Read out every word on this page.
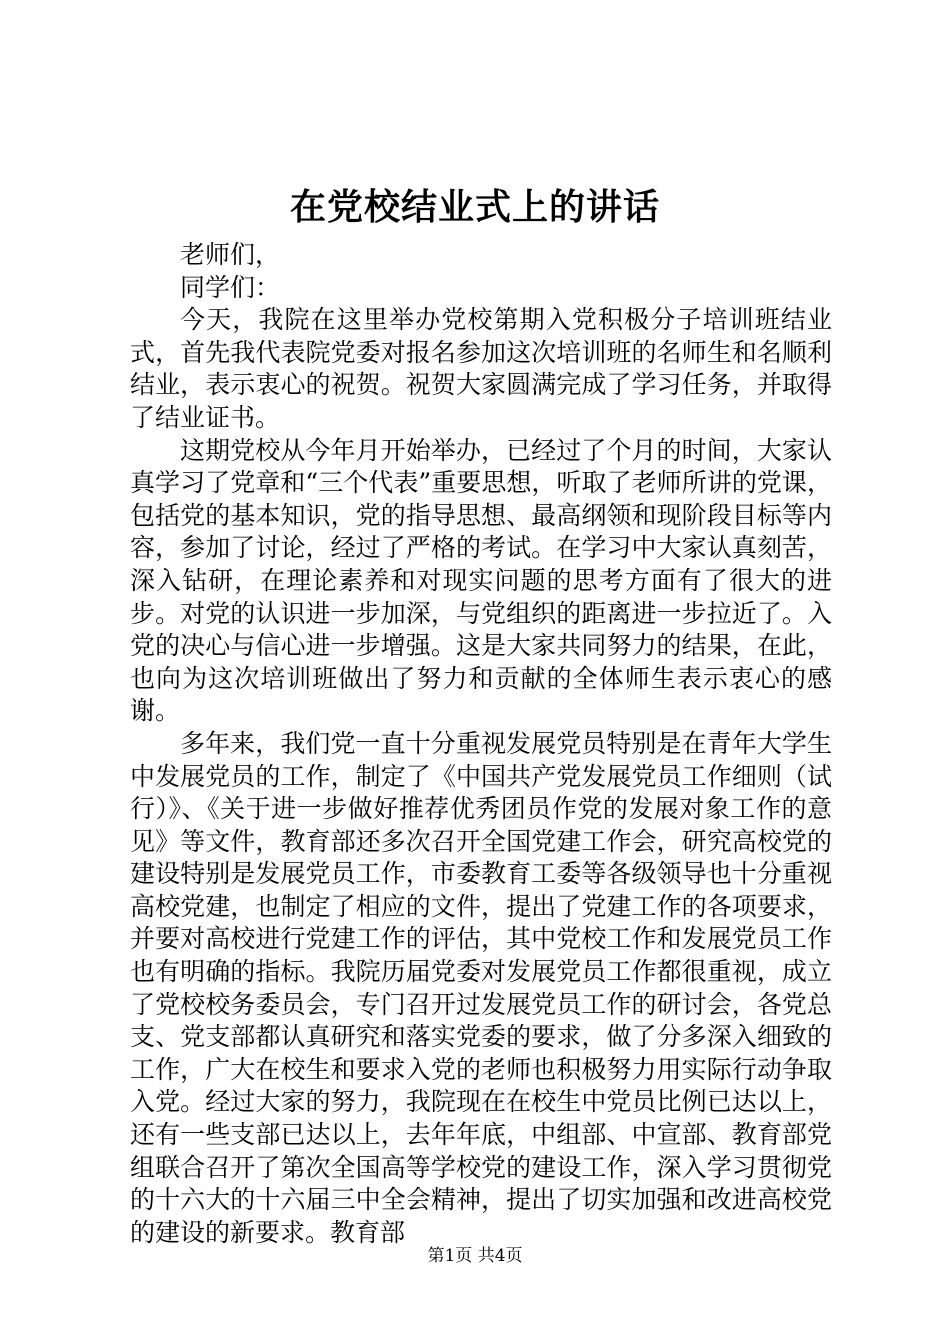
在党校结业式上的讲话

老师们，

同学们：

今天，我院在这里举办党校第期入党积极分子培训班结业式，首先我代表院党委对报名参加这次培训班的名师生和名顺利结业，表示衷心的祝贺。祝贺大家圆满完成了学习任务，并取得了结业证书。

这期党校从今年月开始举办，已经过了个月的时间，大家认真学习了党章和“三个代表”重要思想，听取了老师所讲的党课，包括党的基本知识，党的指导思想、最高纲领和现阶段目标等内容，参加了讨论，经过了严格的考试。在学习中大家认真刻苦，深入钻研，在理论素养和对现实问题的思考方面有了很大的进步。对党的认识进一步加深，与党组织的距离进一步拉近了。入党的决心与信心进一步增强。这是大家共同努力的结果，在此，也向为这次培训班做出了努力和贡献的全体师生表示衷心的感谢。

多年来，我们党一直十分重视发展党员特别是在青年大学生中发展党员的工作，制定了《中国共产党发展党员工作细则（试行）》、《关于进一步做好推荐优秀团员作党的发展对象工作的意见》等文件，教育部还多次召开全国党建工作会，研究高校党的建设特别是发展党员工作，市委教育工委等各级领导也十分重视高校党建，也制定了相应的文件，提出了党建工作的各项要求，并要对高校进行党建工作的评估，其中党校工作和发展党员工作也有明确的指标。我院历届党委对发展党员工作都很重视，成立了党校校务委员会，专门召开过发展党员工作的研讨会，各党总支、党支部都认真研究和落实党委的要求，做了分多深入细致的工作，广大在校生和要求入党的老师也积极努力用实际行动争取入党。经过大家的努力，我院现在在校生中党员比例已达以上，还有一些支部已达以上，去年年底，中组部、中宣部、教育部党组联合召开了第次全国高等学校党的建设工作，深入学习贯彻党的十六大的十六届三中全会精神，提出了切实加强和改进高校党的建设的新要求。教育部

第1页 共4页
